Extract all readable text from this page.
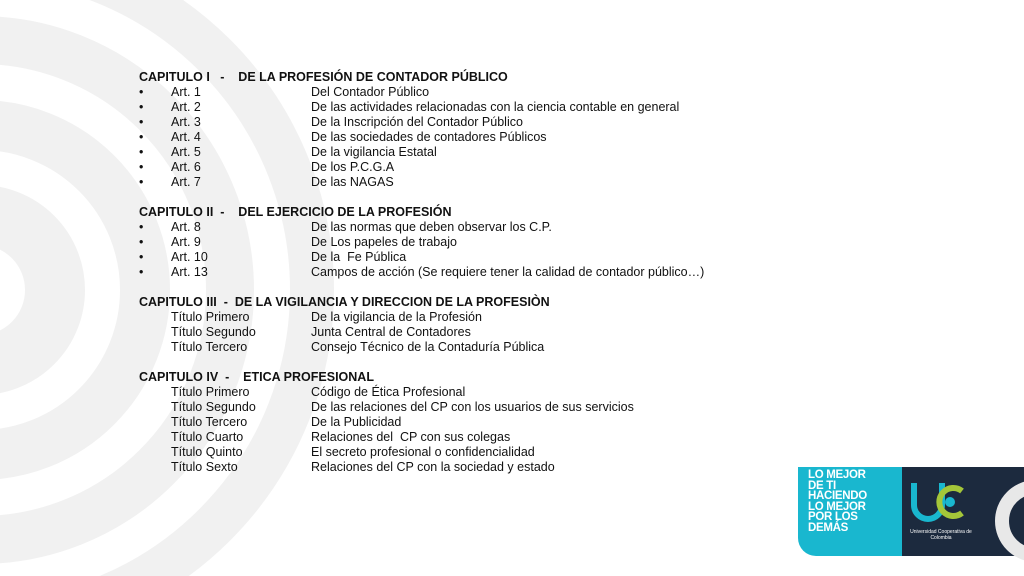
CAPITULO I   -    DE LA PROFESIÓN DE CONTADOR PÚBLICO
•	Art. 1	Del Contador Público
•	Art. 2	De las actividades relacionadas con la ciencia contable en general
•	Art. 3	De la Inscripción del Contador Público
•	Art. 4	De las sociedades de contadores Públicos
•	Art. 5	De la vigilancia Estatal
•	Art. 6	De los P.C.G.A
•	Art. 7	De las NAGAS
CAPITULO II  -    DEL EJERCICIO DE LA PROFESIÓN
•	Art. 8	De las normas que deben observar los C.P.
•	Art. 9	De Los papeles de trabajo
•	Art. 10	De la  Fe Pública
•	Art. 13	Campos de acción (Se requiere tener la calidad de contador público…)
CAPITULO III  -  DE LA VIGILANCIA Y DIRECCION DE LA PROFESIÒN
Título Primero	De la vigilancia de la Profesión
Título Segundo	Junta Central de Contadores
Título Tercero	Consejo Técnico de la Contaduría Pública
CAPITULO IV  -    ETICA PROFESIONAL
Título Primero	Código de Ética Profesional
Título Segundo	De las relaciones del CP con los usuarios de sus servicios
Título Tercero	De la Publicidad
Título Cuarto	Relaciones del  CP con sus colegas
Título Quinto	El secreto profesional o confidencialidad
Título Sexto	Relaciones del CP con la sociedad y estado
LO MEJOR
DE TI
HACIENDO
LO MEJOR
POR LOS
DEMÁS	Universidad Cooperativa de Colombia
